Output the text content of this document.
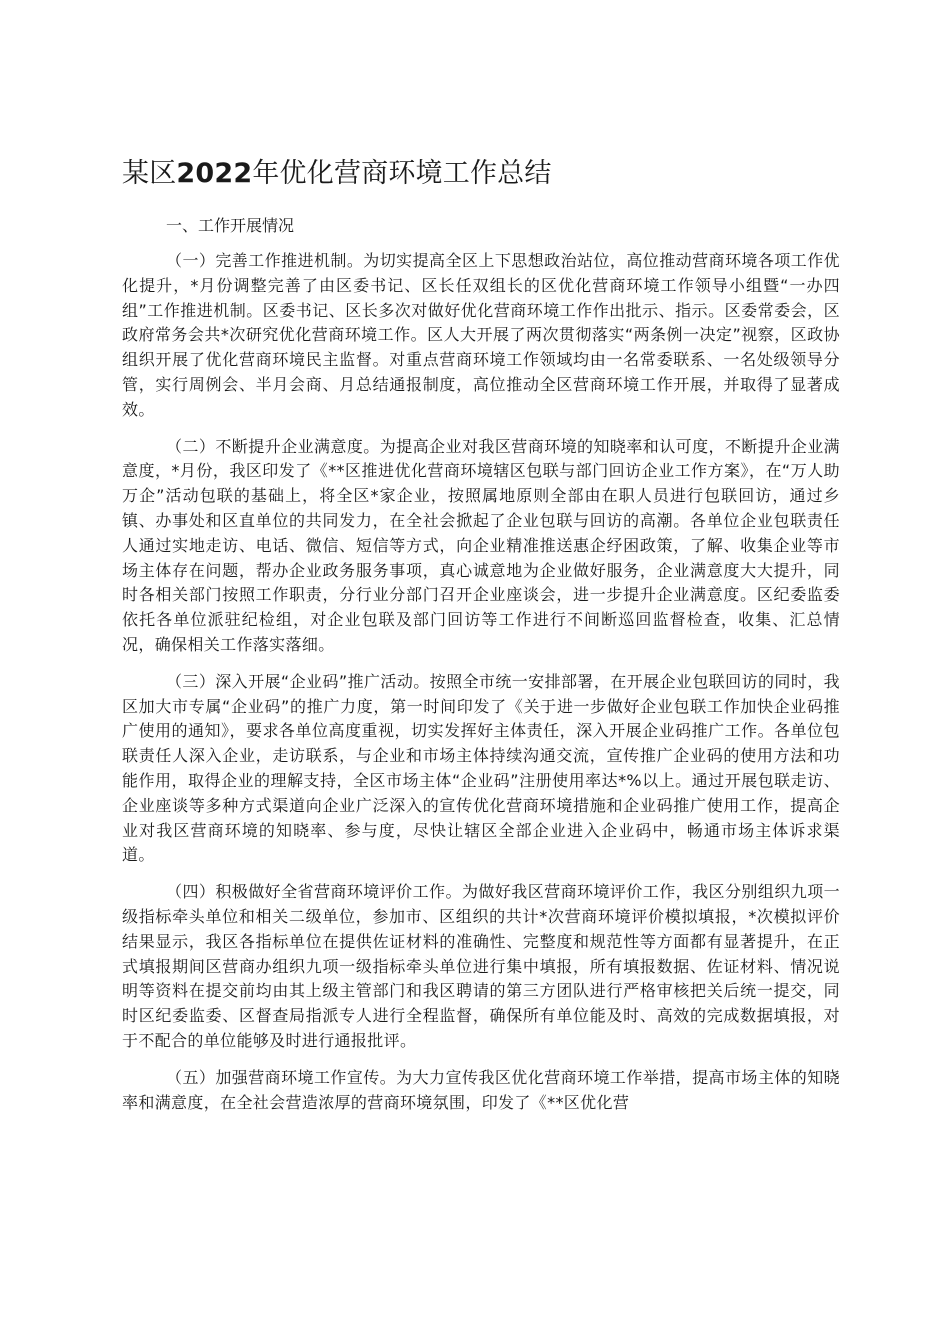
某区2022年优化营商环境工作总结
一、工作开展情况

（一）完善工作推进机制。为切实提高全区上下思想政治站位，高位推动营商环境各项工作优化提升，*月份调整完善了由区委书记、区长任双组长的区优化营商环境工作领导小组暨“一办四组”工作推进机制。区委书记、区长多次对做好优化营商环境工作作出批示、指示。区委常委会，区政府常务会共*次研究优化营商环境工作。区人大开展了两次贯彻落实“两条例一决定”视察，区政协组织开展了优化营商环境民主监督。对重点营商环境工作领域均由一名常委联系、一名处级领导分管，实行周例会、半月会商、月总结通报制度，高位推动全区营商环境工作开展，并取得了显著成效。

（二）不断提升企业满意度。为提高企业对我区营商环境的知晓率和认可度，不断提升企业满意度，*月份，我区印发了《**区推进优化营商环境辖区包联与部门回访企业工作方案》，在“万人助万企”活动包联的基础上，将全区*家企业，按照属地原则全部由在职人员进行包联回访，通过乡镇、办事处和区直单位的共同发力，在全社会掀起了企业包联与回访的高潮。各单位企业包联责任人通过实地走访、电话、微信、短信等方式，向企业精准推送惠企纾困政策，了解、收集企业等市场主体存在问题，帮办企业政务服务事项，真心诚意地为企业做好服务，企业满意度大大提升，同时各相关部门按照工作职责，分行业分部门召开企业座谈会，进一步提升企业满意度。区纪委监委依托各单位派驻纪检组，对企业包联及部门回访等工作进行不间断巡回监督检查，收集、汇总情况，确保相关工作落实落细。

（三）深入开展“企业码”推广活动。按照全市统一安排部署，在开展企业包联回访的同时，我区加大市专属“企业码”的推广力度，第一时间印发了《关于进一步做好企业包联工作加快企业码推广使用的通知》，要求各单位高度重视，切实发挥好主体责任，深入开展企业码推广工作。各单位包联责任人深入企业，走访联系，与企业和市场主体持续沟通交流，宣传推广企业码的使用方法和功能作用，取得企业的理解支持，全区市场主体“企业码”注册使用率达*%以上。通过开展包联走访、企业座谈等多种方式渠道向企业广泛深入的宣传优化营商环境措施和企业码推广使用工作，提高企业对我区营商环境的知晓率、参与度，尽快让辖区全部企业进入企业码中，畅通市场主体诉求渠道。

（四）积极做好全省营商环境评价工作。为做好我区营商环境评价工作，我区分别组织九项一级指标牵头单位和相关二级单位，参加市、区组织的共计*次营商环境评价模拟填报，*次模拟评价结果显示，我区各指标单位在提供佐证材料的准确性、完整度和规范性等方面都有显著提升，在正式填报期间区营商办组织九项一级指标牵头单位进行集中填报，所有填报数据、佐证材料、情况说明等资料在提交前均由其上级主管部门和我区聘请的第三方团队进行严格审核把关后统一提交，同时区纪委监委、区督查局指派专人进行全程监督，确保所有单位能及时、高效的完成数据填报，对于不配合的单位能够及时进行通报批评。

（五）加强营商环境工作宣传。为大力宣传我区优化营商环境工作举措，提高市场主体的知晓率和满意度，在全社会营造浓厚的营商环境氛围，印发了《**区优化营
